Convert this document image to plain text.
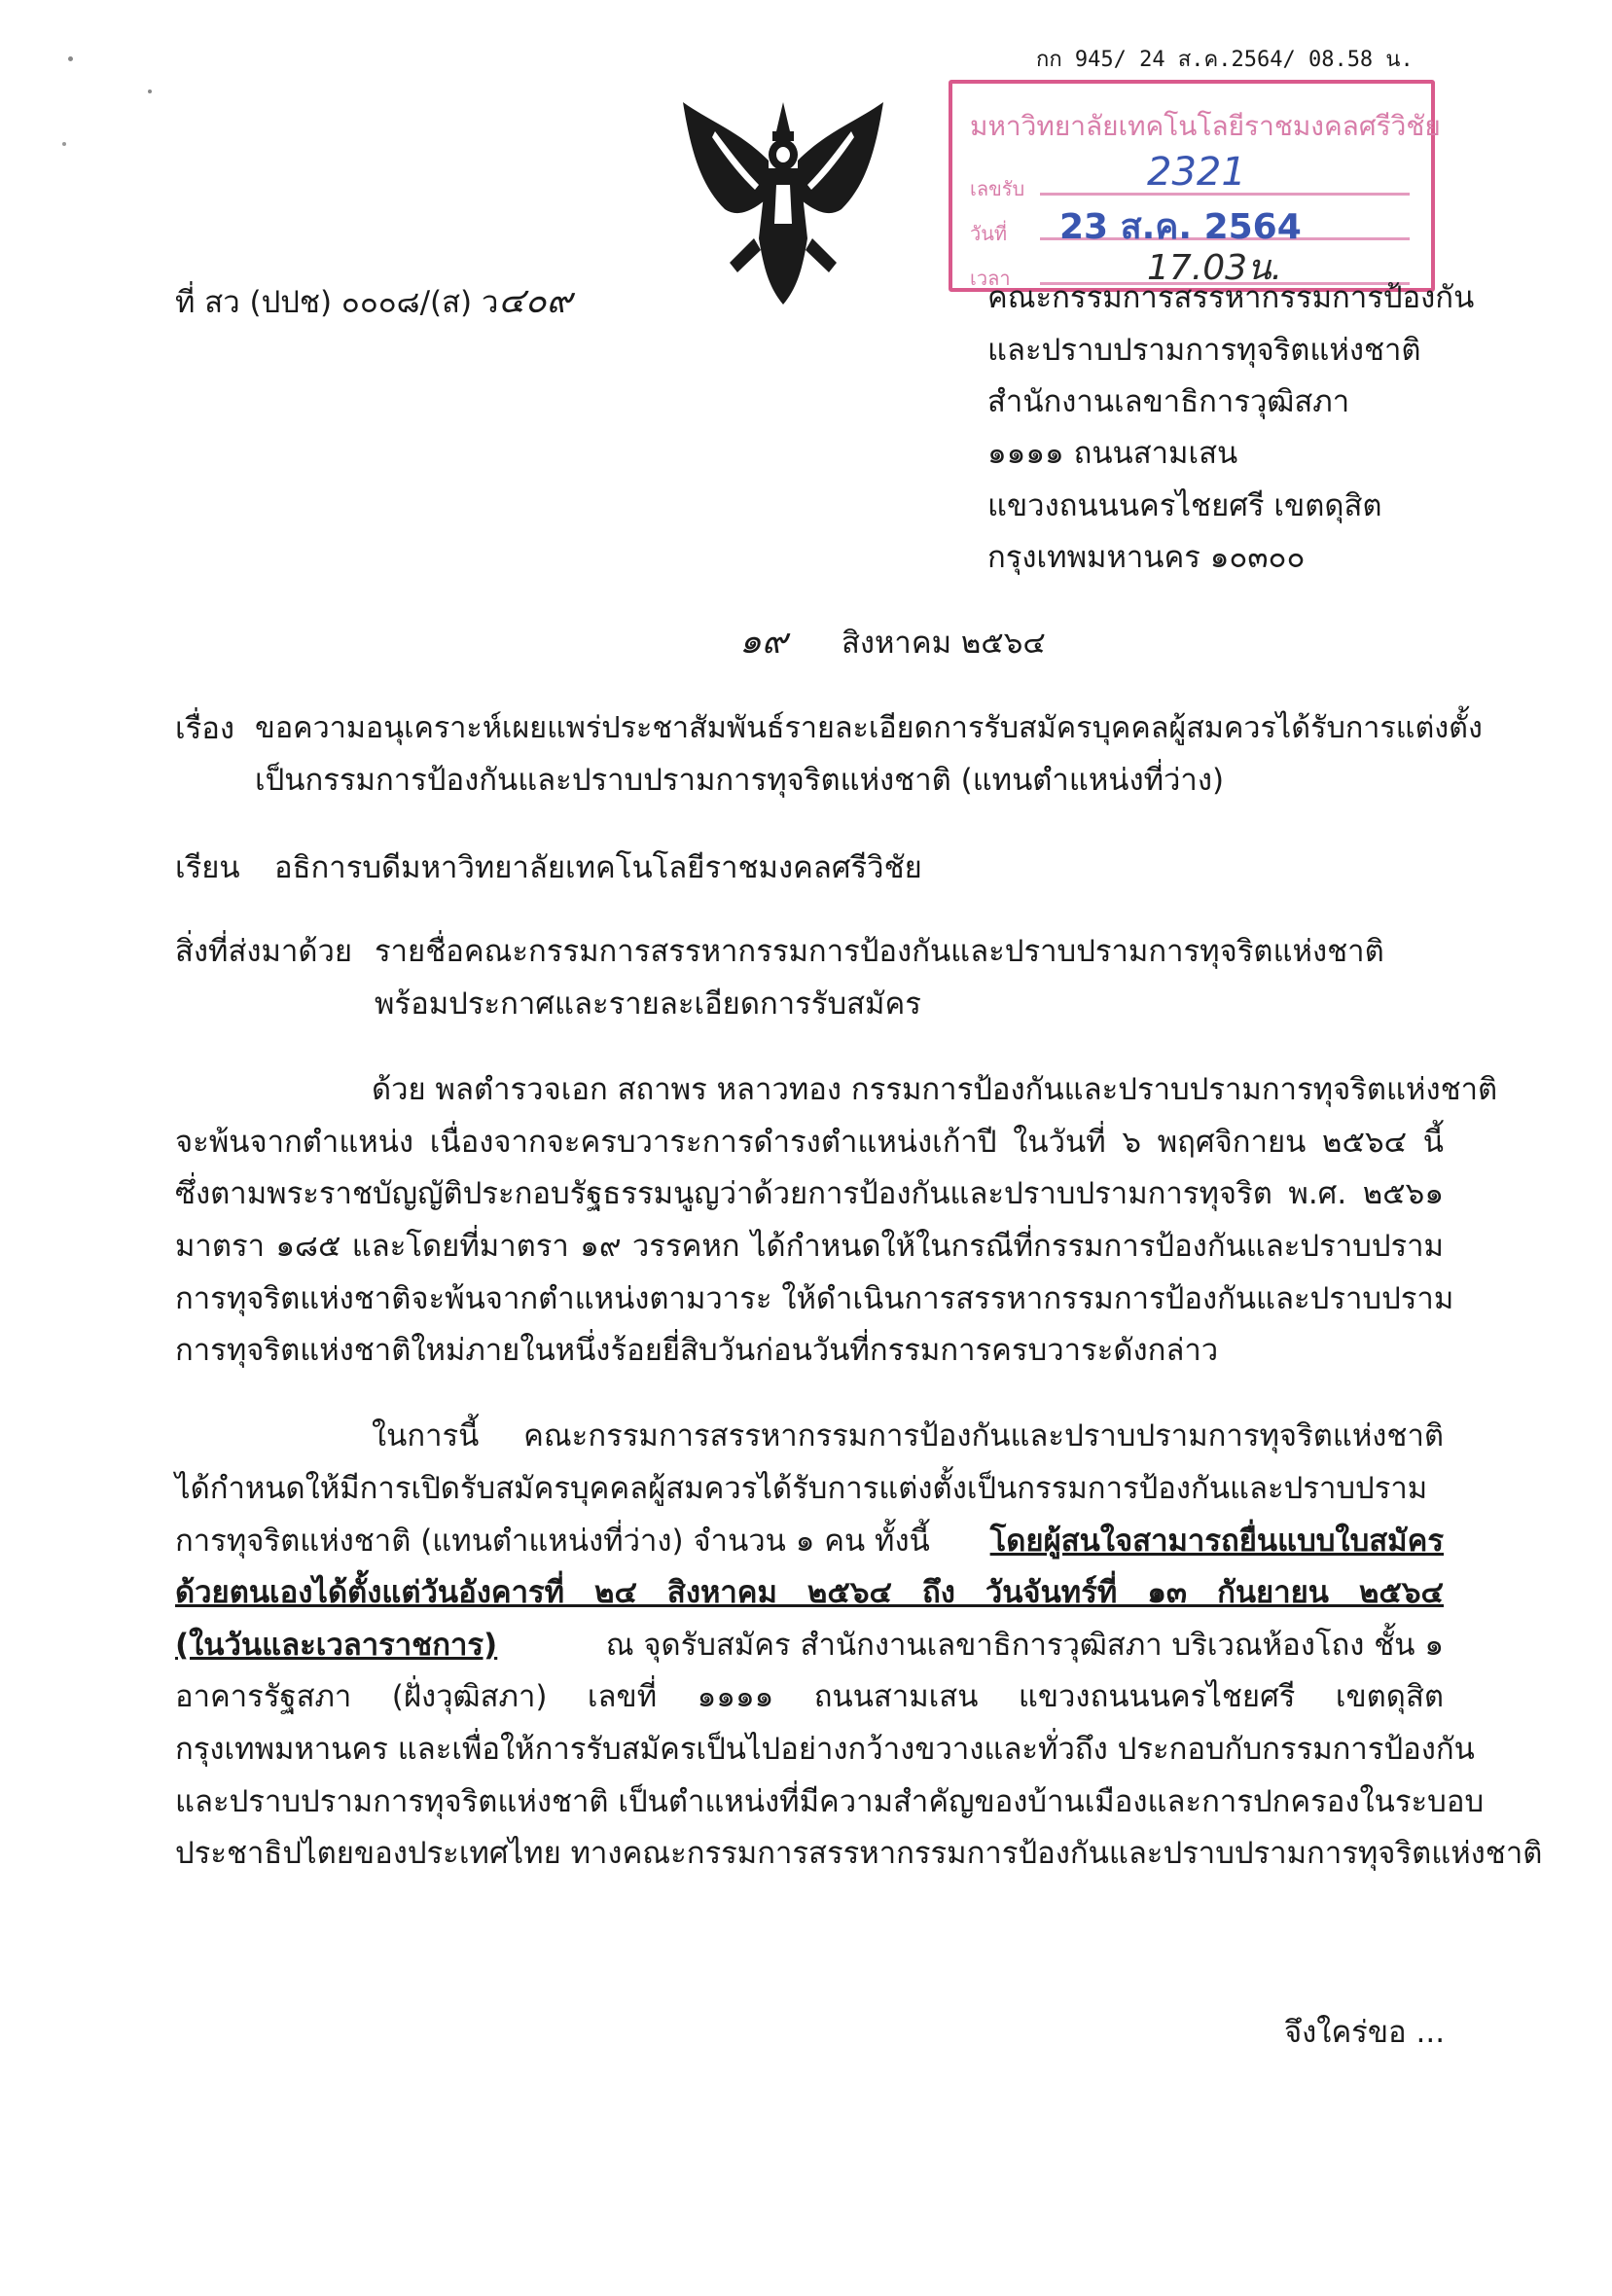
กก 945/ 24 ส.ค.2564/ 08.58 น.
มหาวิทยาลัยเทคโนโลยีราชมงคลศรีวิชัย
เลขรับ
วันที่
เวลา
2321
23 ส.ค. 2564
17.03น.
ที่ สว (ปปช) ๐๐๐๘/(ส) ว๔๐๙	คณะกรรมการสรรหากรรมการป้องกัน
และปราบปรามการทุจริตแห่งชาติ
สำนักงานเลขาธิการวุฒิสภา
๑๑๑๑ ถนนสามเสน
แขวงถนนนครไชยศรี เขตดุสิต
กรุงเทพมหานคร ๑๐๓๐๐
๑๙ สิงหาคม ๒๕๖๔
เรื่อง ขอความอนุเคราะห์เผยแพร่ประชาสัมพันธ์รายละเอียดการรับสมัครบุคคลผู้สมควรได้รับการแต่งตั้ง
เป็นกรรมการป้องกันและปราบปรามการทุจริตแห่งชาติ (แทนตำแหน่งที่ว่าง)
เรียน อธิการบดีมหาวิทยาลัยเทคโนโลยีราชมงคลศรีวิชัย
สิ่งที่ส่งมาด้วย รายชื่อคณะกรรมการสรรหากรรมการป้องกันและปราบปรามการทุจริตแห่งชาติ
พร้อมประกาศและรายละเอียดการรับสมัคร
ด้วย พลตำรวจเอก สถาพร หลาวทอง กรรมการป้องกันและปราบปรามการทุจริตแห่งชาติ
จะพ้นจากตำแหน่ง เนื่องจากจะครบวาระการดำรงตำแหน่งเก้าปี ในวันที่ ๖ พฤศจิกายน ๒๕๖๔ นี้
ซึ่งตามพระราชบัญญัติประกอบรัฐธรรมนูญว่าด้วยการป้องกันและปราบปรามการทุจริต พ.ศ. ๒๕๖๑
มาตรา ๑๘๕ และโดยที่มาตรา ๑๙ วรรคหก ได้กำหนดให้ในกรณีที่กรรมการป้องกันและปราบปราม
การทุจริตแห่งชาติจะพ้นจากตำแหน่งตามวาระ ให้ดำเนินการสรรหากรรมการป้องกันและปราบปราม
การทุจริตแห่งชาติใหม่ภายในหนึ่งร้อยยี่สิบวันก่อนวันที่กรรมการครบวาระดังกล่าว
ในการนี้ คณะกรรมการสรรหากรรมการป้องกันและปราบปรามการทุจริตแห่งชาติ
ได้กำหนดให้มีการเปิดรับสมัครบุคคลผู้สมควรได้รับการแต่งตั้งเป็นกรรมการป้องกันและปราบปราม
การทุจริตแห่งชาติ (แทนตำแหน่งที่ว่าง) จำนวน ๑ คน ทั้งนี้ โดยผู้สนใจสามารถยื่นแบบใบสมัคร
ด้วยตนเองได้ตั้งแต่วันอังคารที่ ๒๔ สิงหาคม ๒๕๖๔ ถึง วันจันทร์ที่ ๑๓ กันยายน ๒๕๖๔
(ในวันและเวลาราชการ)	ณ จุดรับสมัคร สำนักงานเลขาธิการวุฒิสภา บริเวณห้องโถง ชั้น ๑
อาคารรัฐสภา (ฝั่งวุฒิสภา) เลขที่ ๑๑๑๑ ถนนสามเสน แขวงถนนนครไชยศรี เขตดุสิต
กรุงเทพมหานคร และเพื่อให้การรับสมัครเป็นไปอย่างกว้างขวางและทั่วถึง ประกอบกับกรรมการป้องกัน
และปราบปรามการทุจริตแห่งชาติ เป็นตำแหน่งที่มีความสำคัญของบ้านเมืองและการปกครองในระบอบ
ประชาธิปไตยของประเทศไทย ทางคณะกรรมการสรรหากรรมการป้องกันและปราบปรามการทุจริตแห่งชาติ
จึงใคร่ขอ ...
